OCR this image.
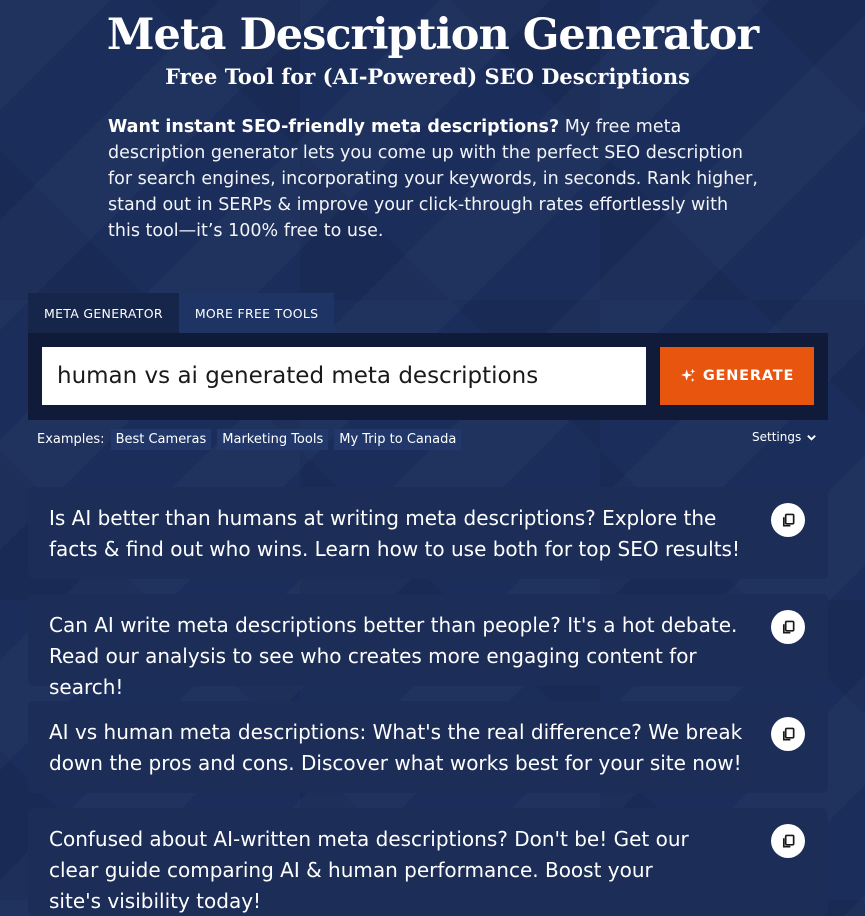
Meta Description Generator
Free Tool for (AI-Powered) SEO Descriptions

Want instant SEO-friendly meta descriptions? My free meta description generator lets you come up with the perfect SEO description for search engines, incorporating your keywords, in seconds. Rank higher, stand out in SERPs & improve your click-through rates effortlessly with this tool—it’s 100% free to use.

META GENERATOR	MORE FREE TOOLS
human vs ai generated meta descriptions
GENERATE
Examples: Best Cameras	Marketing Tools	My Trip to Canada	Settings
Is AI better than humans at writing meta descriptions? Explore the facts & find out who wins. Learn how to use both for top SEO results!
Can AI write meta descriptions better than people? It's a hot debate. Read our analysis to see who creates more engaging content for search!
AI vs human meta descriptions: What's the real difference? We break down the pros and cons. Discover what works best for your site now!
Confused about AI-written meta descriptions? Don't be! Get our clear guide comparing AI & human performance. Boost your site's visibility today!
